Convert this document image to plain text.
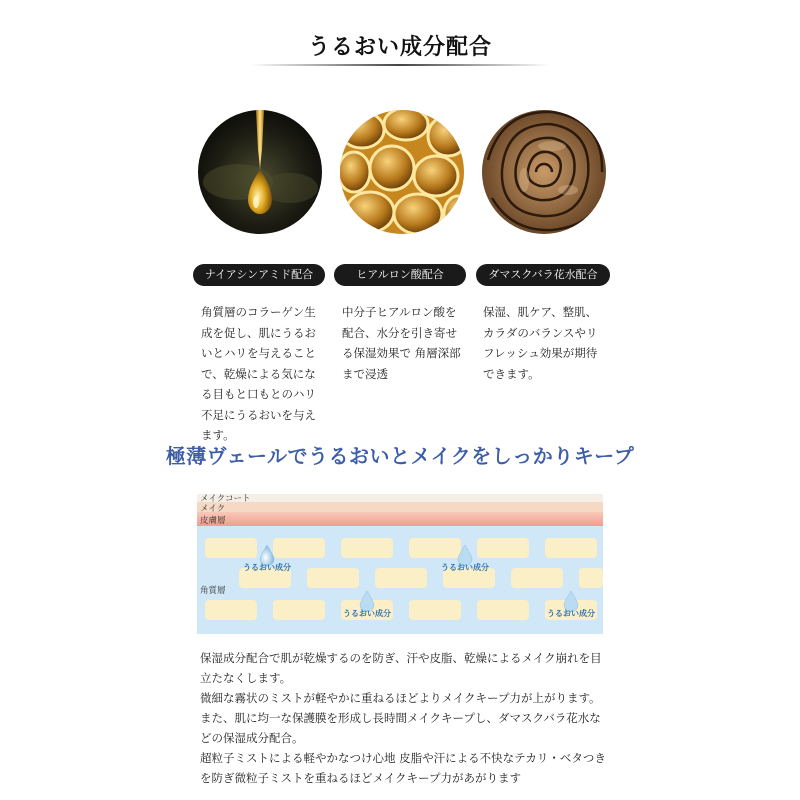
うるおい成分配合
ナイアシンアミド配合	ヒアルロン酸配合	ダマスクバラ花水配合
角質層のコラーゲン生成を促し、肌にうるおいとハリを与えることで、乾燥による気になる目もと口もとのハリ不足にうるおいを与えます。
中分子ヒアルロン酸を配合、水分を引き寄せる保湿効果で 角層深部まで浸透
保湿、肌ケア、整肌、カラダのバランスやリフレッシュ効果が期待できます。
極薄ヴェールでうるおいとメイクをしっかりキープ
メイクコート
メイク
皮膚層
角質層
うるおい成分	うるおい成分
うるおい成分	うるおい成分

保湿成分配合で肌が乾燥するのを防ぎ、汗や皮脂、乾燥によるメイク崩れを目立たなくします。

微細な霧状のミストが軽やかに重ねるほどよりメイクキープ力が上がります。また、肌に均一な保護膜を形成し長時間メイクキープし、ダマスクバラ花水などの保湿成分配合。

超粒子ミストによる軽やかなつけ心地 皮脂や汗による不快なテカリ・ベタつきを防ぎ微粒子ミストを重ねるほどメイクキープ力があがります
